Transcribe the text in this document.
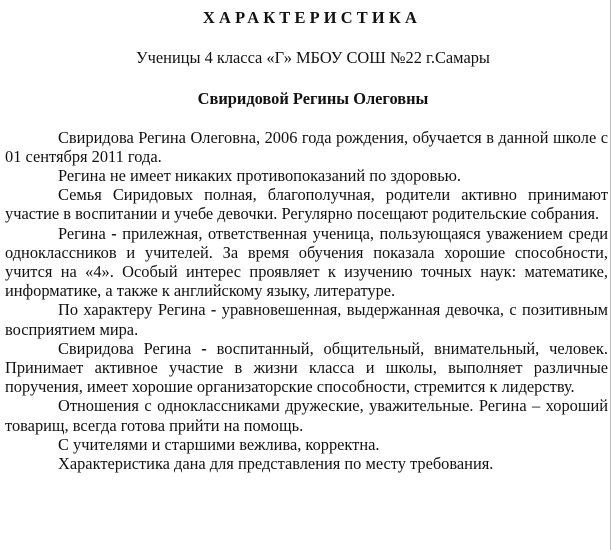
ХАРАКТЕРИСТИКА
Ученицы 4 класса «Г» МБОУ СОШ №22 г.Самары
Свиридовой Регины Олеговны

Свиридова Регина Олеговна, 2006 года рождения, обучается в данной школе с 01 сентября 2011 года.

Регина не имеет никаких противопоказаний по здоровью.

Семья Сиридовых полная, благополучная, родители активно принимают участие в воспитании и учебе девочки. Регулярно посещают родительские собрания.

Регина - прилежная, ответственная ученица, пользующаяся уважением среди одноклассников и учителей. За время обучения показала хорошие способности, учится на «4». Особый интерес проявляет к изучению точных наук: математике, информатике, а также к английскому языку, литературе.

По характеру Регина - уравновешенная, выдержанная девочка, с позитивным восприятием мира.

Свиридова Регина - воспитанный, общительный, внимательный, человек. Принимает активное участие в жизни класса и школы, выполняет различные поручения, имеет хорошие организаторские способности, стремится к лидерству.

Отношения с одноклассниками дружеские, уважительные. Регина – хороший товарищ, всегда готова прийти на помощь.

С учителями и старшими вежлива, корректна.

Характеристика дана для представления по месту требования.
